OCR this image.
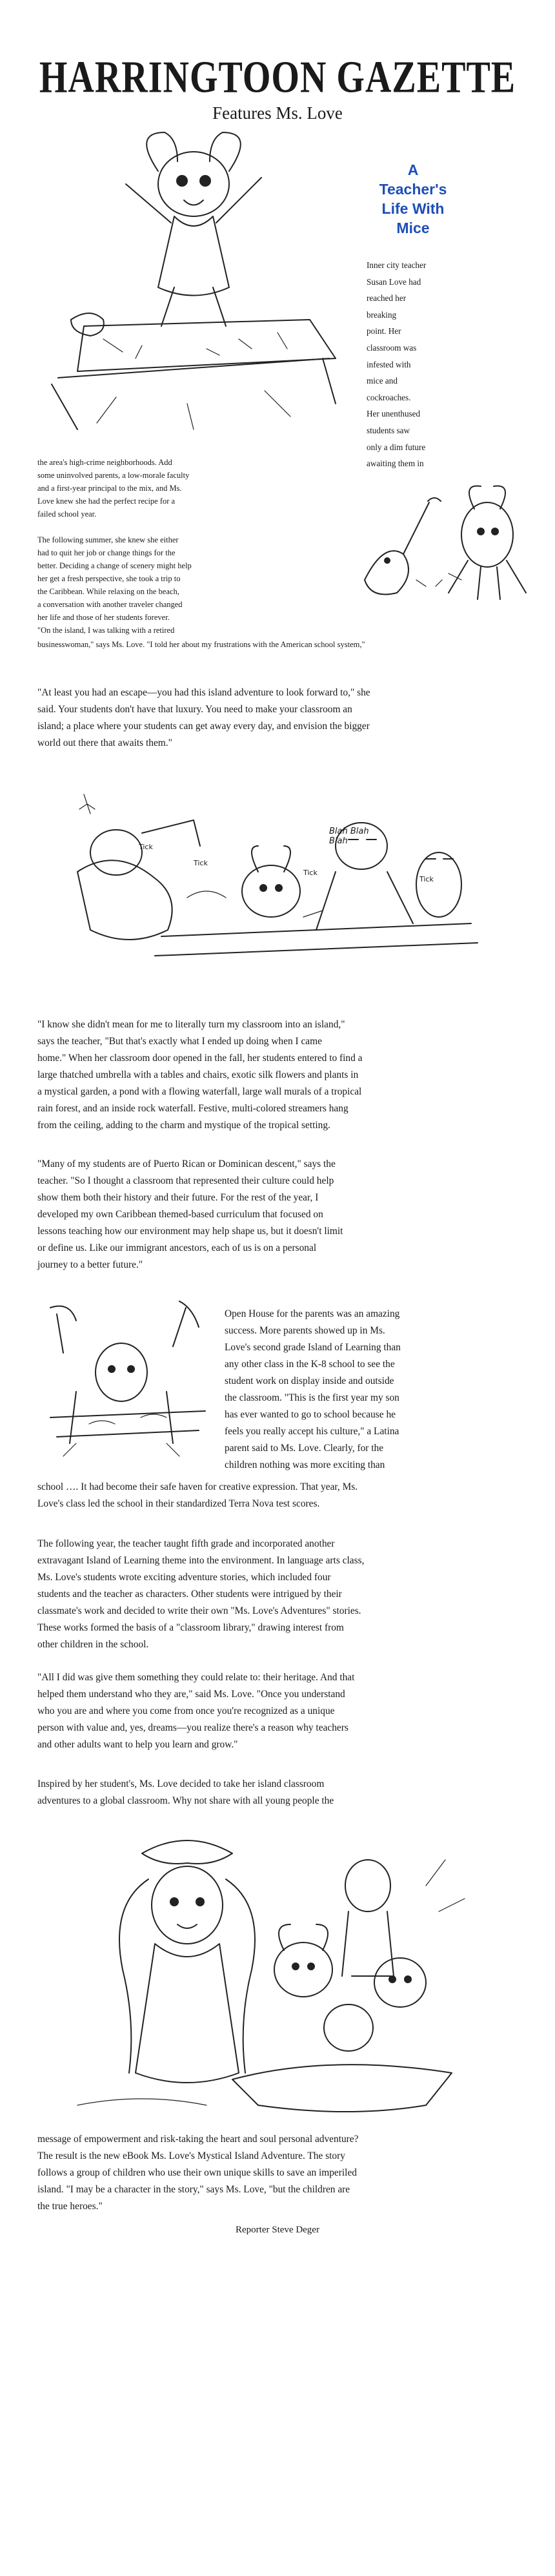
HARRINGTOON GAZETTE
Features Ms. Love
A
Teacher's
Life With
Mice

Inner city teacher

Susan Love had

reached her

breaking

point. Her

classroom was

infested with

mice and

cockroaches.

Her unenthused

students saw

only a dim future

awaiting them in

the area's high-crime neighborhoods. Add

some uninvolved parents, a low-morale faculty

and a first-year principal to the mix, and Ms.

Love knew she had the perfect recipe for a

failed school year.

The following summer, she knew she either

had to quit her job or change things for the

better. Deciding a change of scenery might help

her get a fresh perspective, she took a trip to

the Caribbean. While relaxing on the beach,

a conversation with another traveler changed

her life and those of her students forever.

"On the island, I was talking with a retired

businesswoman," says Ms. Love. "I told her about my frustrations with the American school system,"

"At least you had an escape—you had this island adventure to look forward to," she

said. Your students don't have that luxury. You need to make your classroom an

island; a place where your students can get away every day, and envision the bigger

world out there that awaits them."

Tick
Tick
Blah Blah Blah
Tick
Tick

"I know she didn't mean for me to literally turn my classroom into an island,"

says the teacher, "But that's exactly what I ended up doing when I came

home." When her classroom door opened in the fall, her students entered to find a

large thatched umbrella with a tables and chairs, exotic silk flowers and plants in

a mystical garden, a pond with a flowing waterfall, large wall murals of a tropical

rain forest, and an inside rock waterfall. Festive, multi-colored streamers hang

from the ceiling, adding to the charm and mystique of the tropical setting.

"Many of my students are of Puerto Rican or Dominican descent," says the

teacher. "So I thought a classroom that represented their culture could help

show them both their history and their future. For the rest of the year, I

developed my own Caribbean themed-based curriculum that focused on

lessons teaching how our environment may help shape us, but it doesn't limit

or define us. Like our immigrant ancestors, each of us is on a personal

journey to a better future."

Open House for the parents was an amazing

success. More parents showed up in Ms.

Love's second grade Island of Learning than

any other class in the K-8 school to see the

student work on display inside and outside

the classroom. "This is the first year my son

has ever wanted to go to school because he

feels you really accept his culture," a Latina

parent said to Ms. Love. Clearly, for the

children nothing was more exciting than

school …. It had become their safe haven for creative expression. That year, Ms.

Love's class led the school in their standardized Terra Nova test scores.

The following year, the teacher taught fifth grade and incorporated another

extravagant Island of Learning theme into the environment. In language arts class,

Ms. Love's students wrote exciting adventure stories, which included four

students and the teacher as characters. Other students were intrigued by their

classmate's work and decided to write their own "Ms. Love's Adventures" stories.

These works formed the basis of a "classroom library," drawing interest from

other children in the school.

"All I did was give them something they could relate to: their heritage. And that

helped them understand who they are," said Ms. Love. "Once you understand

who you are and where you come from once you're recognized as a unique

person with value and, yes, dreams—you realize there's a reason why teachers

and other adults want to help you learn and grow."

Inspired by her student's, Ms. Love decided to take her island classroom

adventures to a global classroom. Why not share with all young people the

message of empowerment and risk-taking the heart and soul personal adventure?

The result is the new eBook Ms. Love's Mystical Island Adventure. The story

follows a group of children who use their own unique skills to save an imperiled

island. "I may be a character in the story," says Ms. Love, "but the children are

the true heroes."

Reporter Steve Deger
